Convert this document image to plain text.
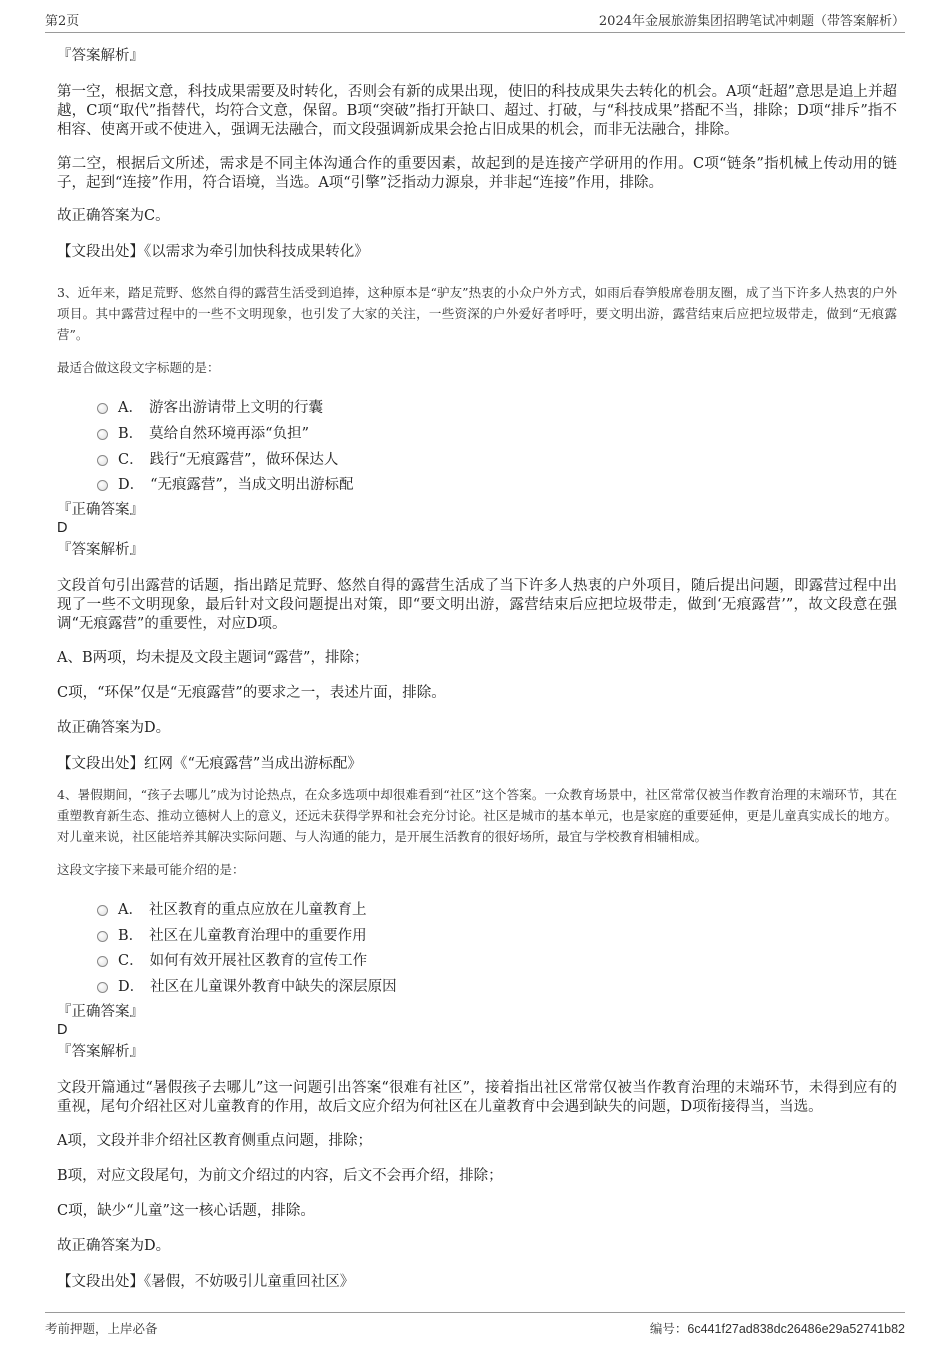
第2页	2024年金展旅游集团招聘笔试冲刺题（带答案解析）

『答案解析』

第一空，根据文意，科技成果需要及时转化，否则会有新的成果出现，使旧的科技成果失去转化的机会。A项“赶超”意思是追上并超越，C项“取代”指替代，均符合文意，保留。B项“突破”指打开缺口、超过、打破，与“科技成果”搭配不当，排除；D项“排斥”指不相容、使离开或不使进入，强调无法融合，而文段强调新成果会抢占旧成果的机会，而非无法融合，排除。

第二空，根据后文所述，需求是不同主体沟通合作的重要因素，故起到的是连接产学研用的作用。C项“链条”指机械上传动用的链子，起到“连接”作用，符合语境，当选。A项“引擎”泛指动力源泉，并非起“连接”作用，排除。

故正确答案为C。

【文段出处】《以需求为牵引加快科技成果转化》

3、近年来，踏足荒野、悠然自得的露营生活受到追捧，这种原本是“驴友”热衷的小众户外方式，如雨后春笋般席卷朋友圈，成了当下许多人热衷的户外项目。其中露营过程中的一些不文明现象，也引发了大家的关注，一些资深的户外爱好者呼吁，要文明出游，露营结束后应把垃圾带走，做到“无痕露营”。

最适合做这段文字标题的是：

A． 游客出游请带上文明的行囊
B． 莫给自然环境再添“负担”
C． 践行“无痕露营”，做环保达人
D． “无痕露营”，当成文明出游标配

『正确答案』

D

『答案解析』

文段首句引出露营的话题，指出踏足荒野、悠然自得的露营生活成了当下许多人热衷的户外项目，随后提出问题，即露营过程中出现了一些不文明现象，最后针对文段问题提出对策，即“要文明出游，露营结束后应把垃圾带走，做到‘无痕露营’”，故文段意在强调“无痕露营”的重要性，对应D项。

A、B两项，均未提及文段主题词“露营”，排除；

C项，“环保”仅是“无痕露营”的要求之一，表述片面，排除。

故正确答案为D。

【文段出处】红网《“无痕露营”当成出游标配》

4、暑假期间，“孩子去哪儿”成为讨论热点，在众多选项中却很难看到“社区”这个答案。一众教育场景中，社区常常仅被当作教育治理的末端环节，其在重塑教育新生态、推动立德树人上的意义，还远未获得学界和社会充分讨论。社区是城市的基本单元，也是家庭的重要延伸，更是儿童真实成长的地方。对儿童来说，社区能培养其解决实际问题、与人沟通的能力，是开展生活教育的很好场所，最宜与学校教育相辅相成。

这段文字接下来最可能介绍的是：

A． 社区教育的重点应放在儿童教育上
B． 社区在儿童教育治理中的重要作用
C． 如何有效开展社区教育的宣传工作
D． 社区在儿童课外教育中缺失的深层原因

『正确答案』

D

『答案解析』

文段开篇通过“暑假孩子去哪儿”这一问题引出答案“很难有社区”，接着指出社区常常仅被当作教育治理的末端环节，未得到应有的重视，尾句介绍社区对儿童教育的作用，故后文应介绍为何社区在儿童教育中会遇到缺失的问题，D项衔接得当，当选。

A项，文段并非介绍社区教育侧重点问题，排除；

B项，对应文段尾句，为前文介绍过的内容，后文不会再介绍，排除；

C项，缺少“儿童”这一核心话题，排除。

故正确答案为D。

【文段出处】《暑假，不妨吸引儿童重回社区》

考前押题，上岸必备	编号：6c441f27ad838dc26486e29a52741b82
